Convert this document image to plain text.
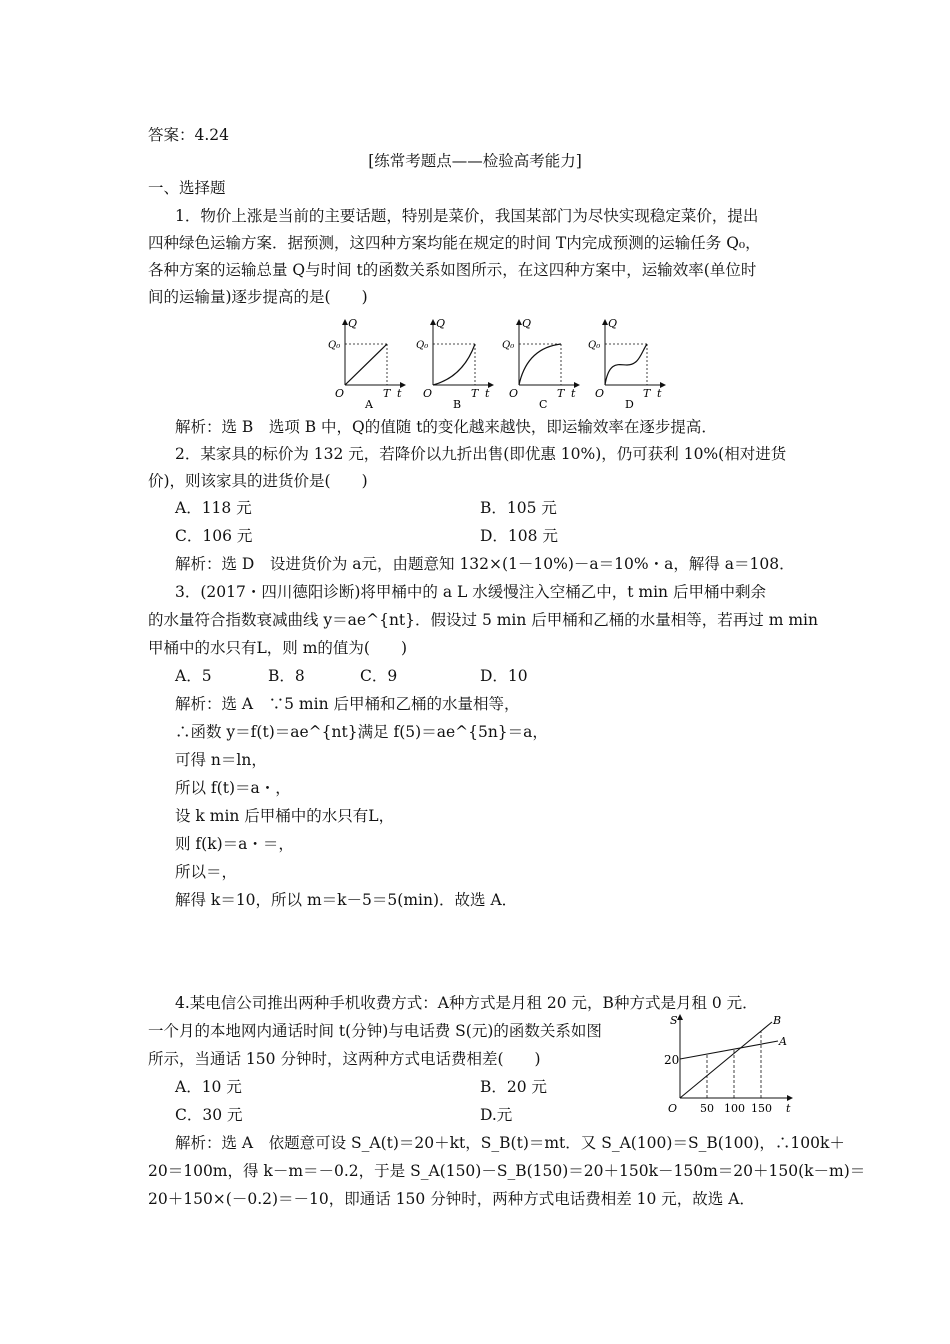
答案：4.24
[练常考题点——检验高考能力]
一、选择题
1．物价上涨是当前的主要话题，特别是菜价，我国某部门为尽快实现稳定菜价，提出
四种绿色运输方案．据预测，这四种方案均能在规定的时间 T内完成预测的运输任务 Q₀，
各种方案的运输总量 Q与时间 t的函数关系如图所示，在这四种方案中，运输效率(单位时
间的运输量)逐步提高的是(　　)
Q
Q₀
O	T t
A
Q
Q₀
O	T t
B
Q
Q₀
O	T t
C
Q
Q₀
O	T t
D
解析：选 B　选项 B 中，Q的值随 t的变化越来越快，即运输效率在逐步提高．
2．某家具的标价为 132 元，若降价以九折出售(即优惠 10%)，仍可获利 10%(相对进货
价)，则该家具的进货价是(　　)
A．118 元	B．105 元
C．106 元	D．108 元
解析：选 D　设进货价为 a元，由题意知 132×(1－10%)－a＝10%・a，解得 a＝108．
3．(2017・四川德阳诊断)将甲桶中的 a L 水缓慢注入空桶乙中，t min 后甲桶中剩余
的水量符合指数衰减曲线 y＝ae^{nt}．假设过 5 min 后甲桶和乙桶的水量相等，若再过 m min
甲桶中的水只有L，则 m的值为(　　)
A．5	B．8	C．9	D．10
解析：选 A　∵5 min 后甲桶和乙桶的水量相等，
∴函数 y＝f(t)＝ae^{nt}满足 f(5)＝ae^{5n}＝a，
可得 n＝ln，
所以 f(t)＝a・，
设 k min 后甲桶中的水只有L，
则 f(k)＝a・＝，
所以＝，
解得 k＝10，所以 m＝k－5＝5(min)．故选 A．
4.某电信公司推出两种手机收费方式：A种方式是月租 20 元，B种方式是月租 0 元．
一个月的本地网内通话时间 t(分钟)与电话费 S(元)的函数关系如图
所示，当通话 150 分钟时，这两种方式电话费相差(　　)
A．10 元	B．20 元
C．30 元	D.元
S	B
A
20
O 50 100 150 t
解析：选 A　依题意可设 S_A(t)＝20＋kt，S_B(t)＝mt．又 S_A(100)＝S_B(100)，∴100k＋
20＝100m，得 k－m＝－0.2，于是 S_A(150)－S_B(150)＝20＋150k－150m＝20＋150(k－m)＝
20＋150×(－0.2)＝－10，即通话 150 分钟时，两种方式电话费相差 10 元，故选 A．
